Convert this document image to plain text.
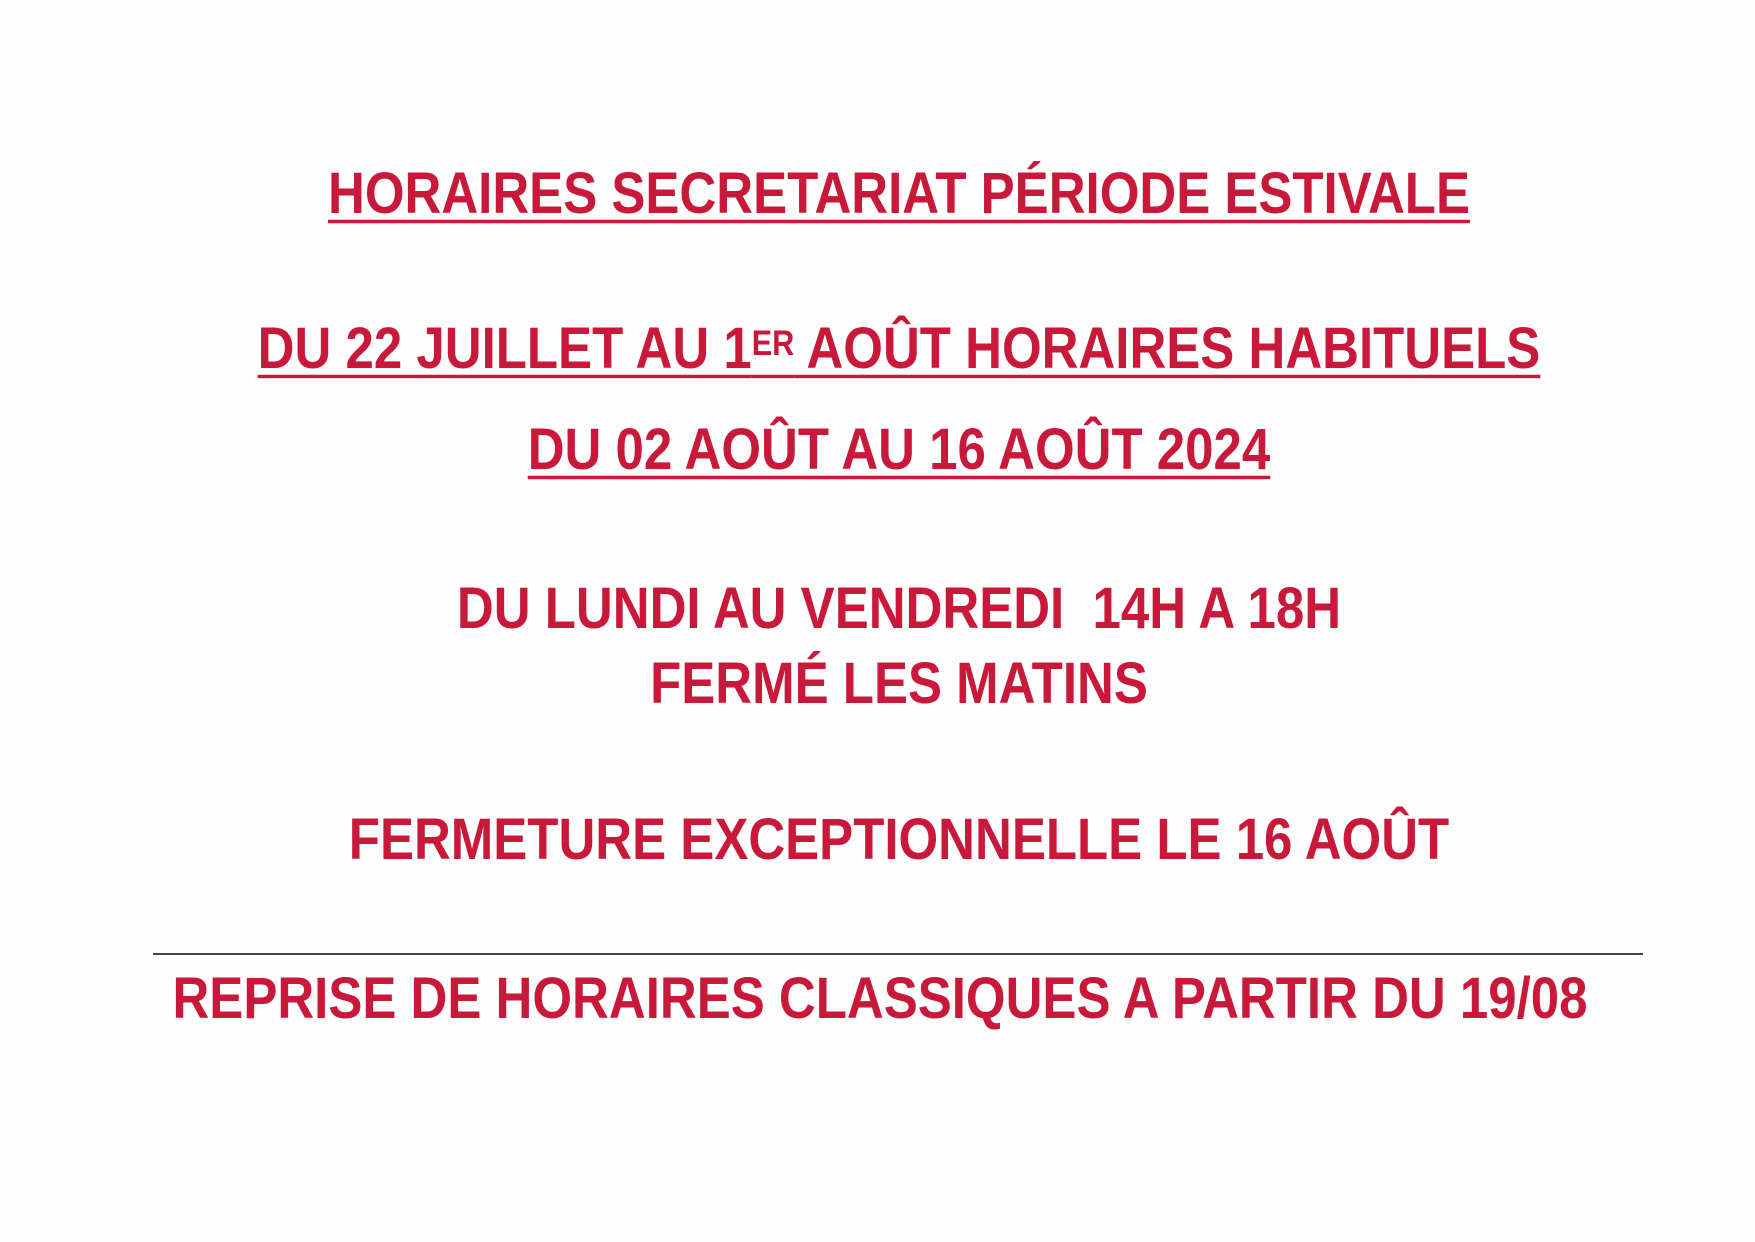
HORAIRES SECRETARIAT PÉRIODE ESTIVALE
DU 22 JUILLET AU 1ER AOÛT HORAIRES HABITUELS
DU 02 AOÛT AU 16 AOÛT 2024
DU LUNDI AU VENDREDI  14H A 18H
FERMÉ LES MATINS
FERMETURE EXCEPTIONNELLE LE 16 AOÛT
REPRISE DE HORAIRES CLASSIQUES A PARTIR DU 19/08
